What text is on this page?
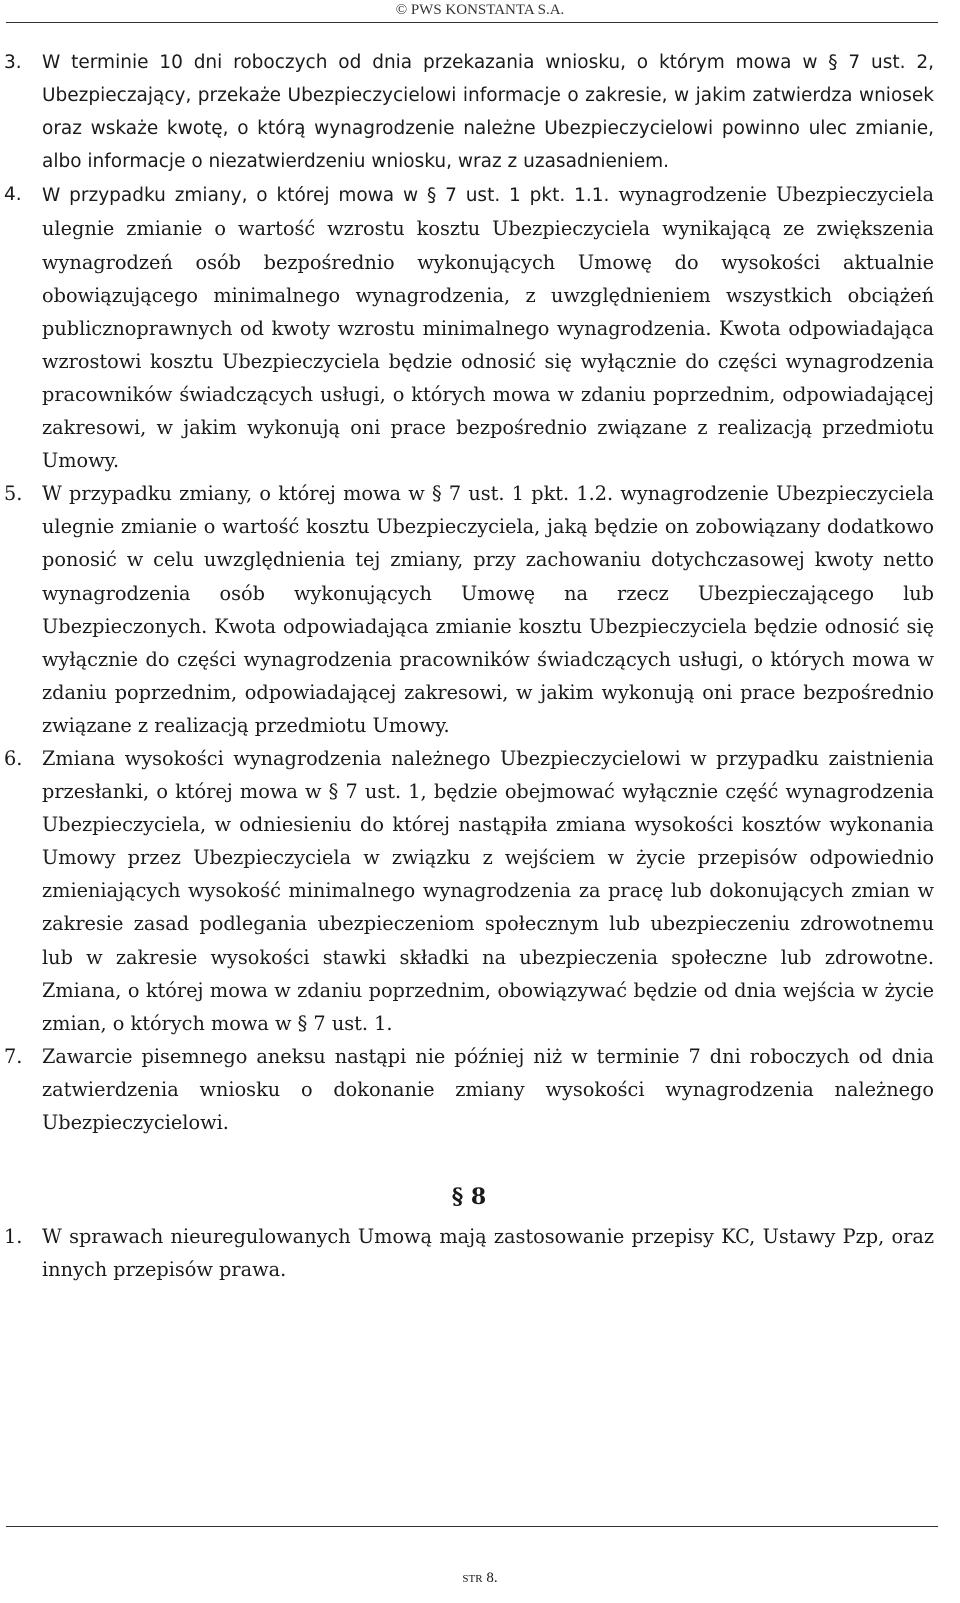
© PWS KONSTANTA S.A.
3.	W terminie 10 dni roboczych od dnia przekazania wniosku, o którym mowa w § 7 ust. 2, Ubezpieczający, przekaże Ubezpieczycielowi informacje o zakresie, w jakim zatwierdza wniosek oraz wskaże kwotę, o którą wynagrodzenie należne Ubezpieczycielowi powinno ulec zmianie, albo informacje o niezatwierdzeniu wniosku, wraz z uzasadnieniem.
4.	W przypadku zmiany, o której mowa w § 7 ust. 1 pkt. 1.1. wynagrodzenie Ubezpieczyciela ulegnie zmianie o wartość wzrostu kosztu Ubezpieczyciela wynikającą ze zwiększenia wynagrodzeń osób bezpośrednio wykonujących Umowę do wysokości aktualnie obowiązującego minimalnego wynagrodzenia, z uwzględnieniem wszystkich obciążeń publicznoprawnych od kwoty wzrostu minimalnego wynagrodzenia. Kwota odpowiadająca wzrostowi kosztu Ubezpieczyciela będzie odnosić się wyłącznie do części wynagrodzenia pracowników świadczących usługi, o których mowa w zdaniu poprzednim, odpowiadającej zakresowi, w jakim wykonują oni prace bezpośrednio związane z realizacją przedmiotu Umowy.
5.	W przypadku zmiany, o której mowa w § 7 ust. 1 pkt. 1.2. wynagrodzenie Ubezpieczyciela ulegnie zmianie o wartość kosztu Ubezpieczyciela, jaką będzie on zobowiązany dodatkowo ponosić w celu uwzględnienia tej zmiany, przy zachowaniu dotychczasowej kwoty netto wynagrodzenia osób wykonujących Umowę na rzecz Ubezpieczającego lub Ubezpieczonych. Kwota odpowiadająca zmianie kosztu Ubezpieczyciela będzie odnosić się wyłącznie do części wynagrodzenia pracowników świadczących usługi, o których mowa w zdaniu poprzednim, odpowiadającej zakresowi, w jakim wykonują oni prace bezpośrednio związane z realizacją przedmiotu Umowy.
6.	Zmiana wysokości wynagrodzenia należnego Ubezpieczycielowi w przypadku zaistnienia przesłanki, o której mowa w § 7 ust. 1, będzie obejmować wyłącznie część wynagrodzenia Ubezpieczyciela, w odniesieniu do której nastąpiła zmiana wysokości kosztów wykonania Umowy przez Ubezpieczyciela w związku z wejściem w życie przepisów odpowiednio zmieniających wysokość minimalnego wynagrodzenia za pracę lub dokonujących zmian w zakresie zasad podlegania ubezpieczeniom społecznym lub ubezpieczeniu zdrowotnemu lub w zakresie wysokości stawki składki na ubezpieczenia społeczne lub zdrowotne. Zmiana, o której mowa w zdaniu poprzednim, obowiązywać będzie od dnia wejścia w życie zmian, o których mowa w § 7 ust. 1.
7.	Zawarcie pisemnego aneksu nastąpi nie później niż w terminie 7 dni roboczych od dnia zatwierdzenia wniosku o dokonanie zmiany wysokości wynagrodzenia należnego Ubezpieczycielowi.
§ 8
1.	W sprawach nieuregulowanych Umową mają zastosowanie przepisy KC, Ustawy Pzp, oraz innych przepisów prawa.
STR 8.
